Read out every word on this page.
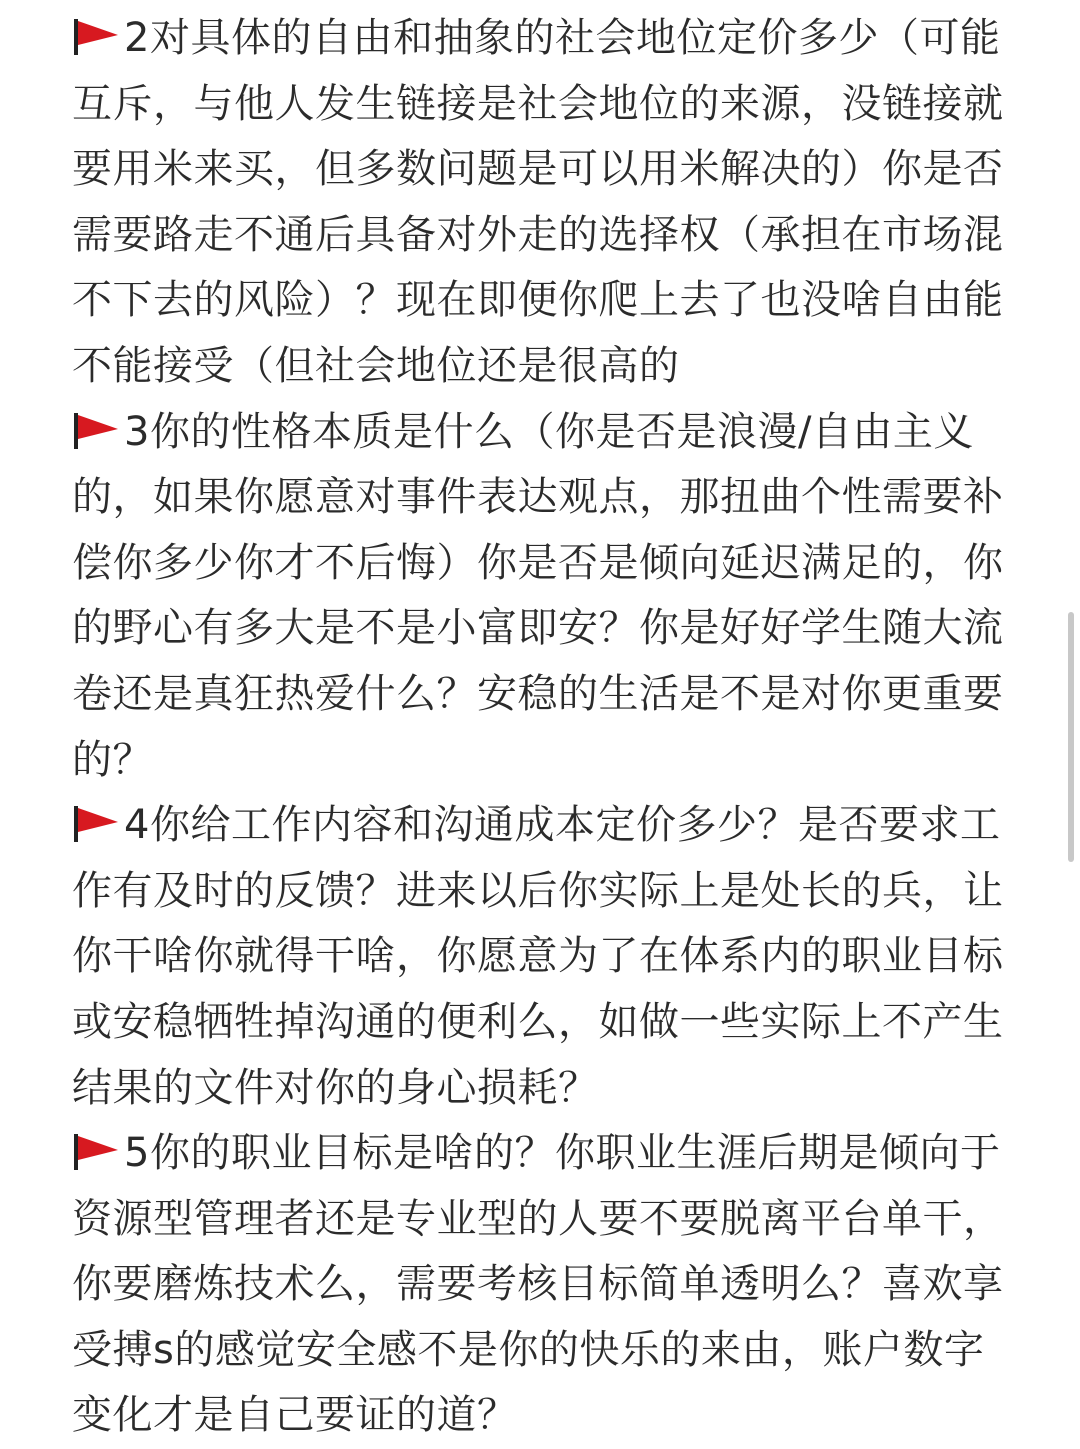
2对具体的自由和抽象的社会地位定价多少（可能互斥，与他人发生链接是社会地位的来源，没链接就要用米来买，但多数问题是可以用米解决的）你是否需要路走不通后具备对外走的选择权（承担在市场混不下去的风险）？现在即便你爬上去了也没啥自由能不能接受（但社会地位还是很高的

3你的性格本质是什么（你是否是浪漫/自由主义的，如果你愿意对事件表达观点，那扭曲个性需要补偿你多少你才不后悔）你是否是倾向延迟满足的，你的野心有多大是不是小富即安？你是好好学生随大流卷还是真狂热爱什么？安稳的生活是不是对你更重要的？

4你给工作内容和沟通成本定价多少？是否要求工作有及时的反馈？进来以后你实际上是处长的兵，让你干啥你就得干啥，你愿意为了在体系内的职业目标或安稳牺牲掉沟通的便利么，如做一些实际上不产生结果的文件对你的身心损耗？

5你的职业目标是啥的？你职业生涯后期是倾向于资源型管理者还是专业型的人要不要脱离平台单干，你要磨炼技术么，需要考核目标简单透明么？喜欢享受搏s的感觉安全感不是你的快乐的来由，账户数字变化才是自己要证的道？
